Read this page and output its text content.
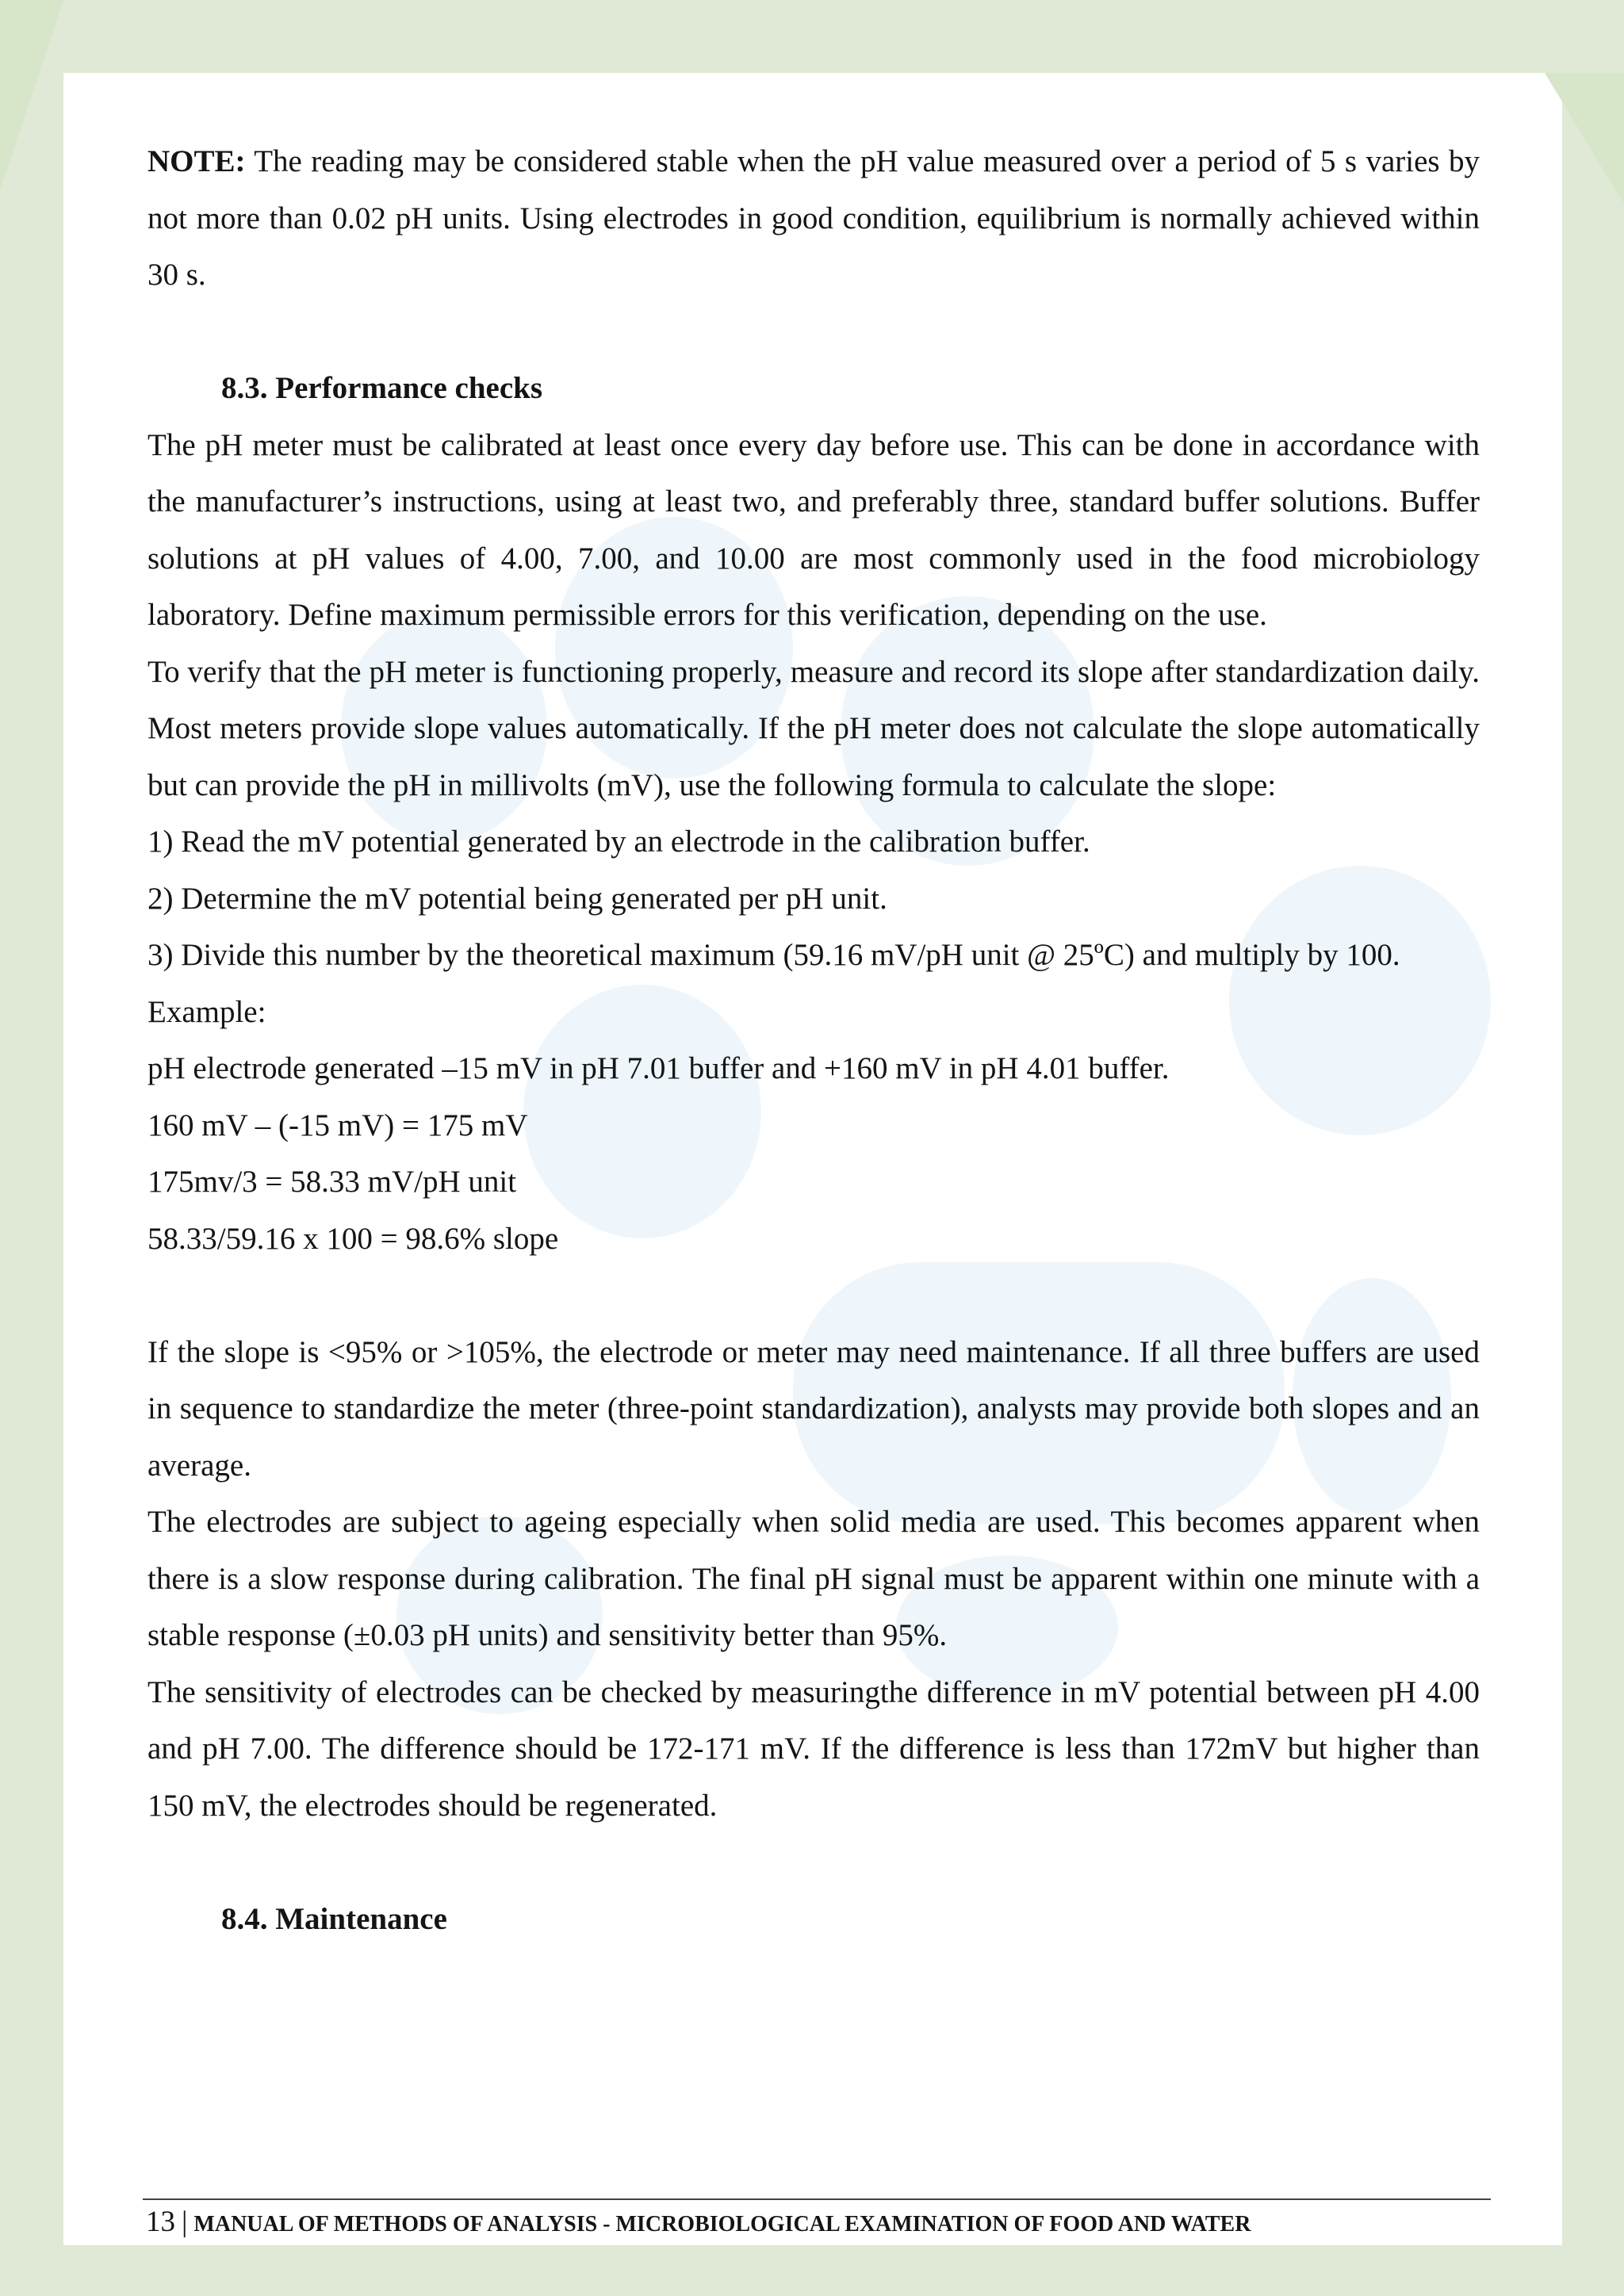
NOTE: The reading may be considered stable when the pH value measured over a period of 5 s varies by not more than 0.02 pH units. Using electrodes in good condition, equilibrium is normally achieved within 30 s.

8.3. Performance checks

The pH meter must be calibrated at least once every day before use. This can be done in accordance with the manufacturer’s instructions, using at least two, and preferably three, standard buffer solutions. Buffer solutions at pH values of 4.00, 7.00, and 10.00 are most commonly used in the food microbiology laboratory. Define maximum permissible errors for this verification, depending on the use.

To verify that the pH meter is functioning properly, measure and record its slope after standardization daily. Most meters provide slope values automatically. If the pH meter does not calculate the slope automatically but can provide the pH in millivolts (mV), use the following formula to calculate the slope:

1) Read the mV potential generated by an electrode in the calibration buffer.

2) Determine the mV potential being generated per pH unit.

3) Divide this number by the theoretical maximum (59.16 mV/pH unit @ 25ºC) and multiply by 100.

Example:

pH electrode generated –15 mV in pH 7.01 buffer and +160 mV in pH 4.01 buffer.

160 mV – (-15 mV) = 175 mV

175mv/3 = 58.33 mV/pH unit

58.33/59.16 x 100 = 98.6% slope

If the slope is <95% or >105%, the electrode or meter may need maintenance. If all three buffers are used in sequence to standardize the meter (three-point standardization), analysts may provide both slopes and an average.

The electrodes are subject to ageing especially when solid media are used. This becomes apparent when there is a slow response during calibration. The final pH signal must be apparent within one minute with a stable response (±0.03 pH units) and sensitivity better than 95%.

The sensitivity of electrodes can be checked by measuringthe difference in mV potential between pH 4.00 and pH 7.00. The difference should be 172-171 mV. If the difference is less than 172mV but higher than 150 mV, the electrodes should be regenerated.

8.4. Maintenance

13 | MANUAL OF METHODS OF ANALYSIS - MICROBIOLOGICAL EXAMINATION OF FOOD AND WATER
